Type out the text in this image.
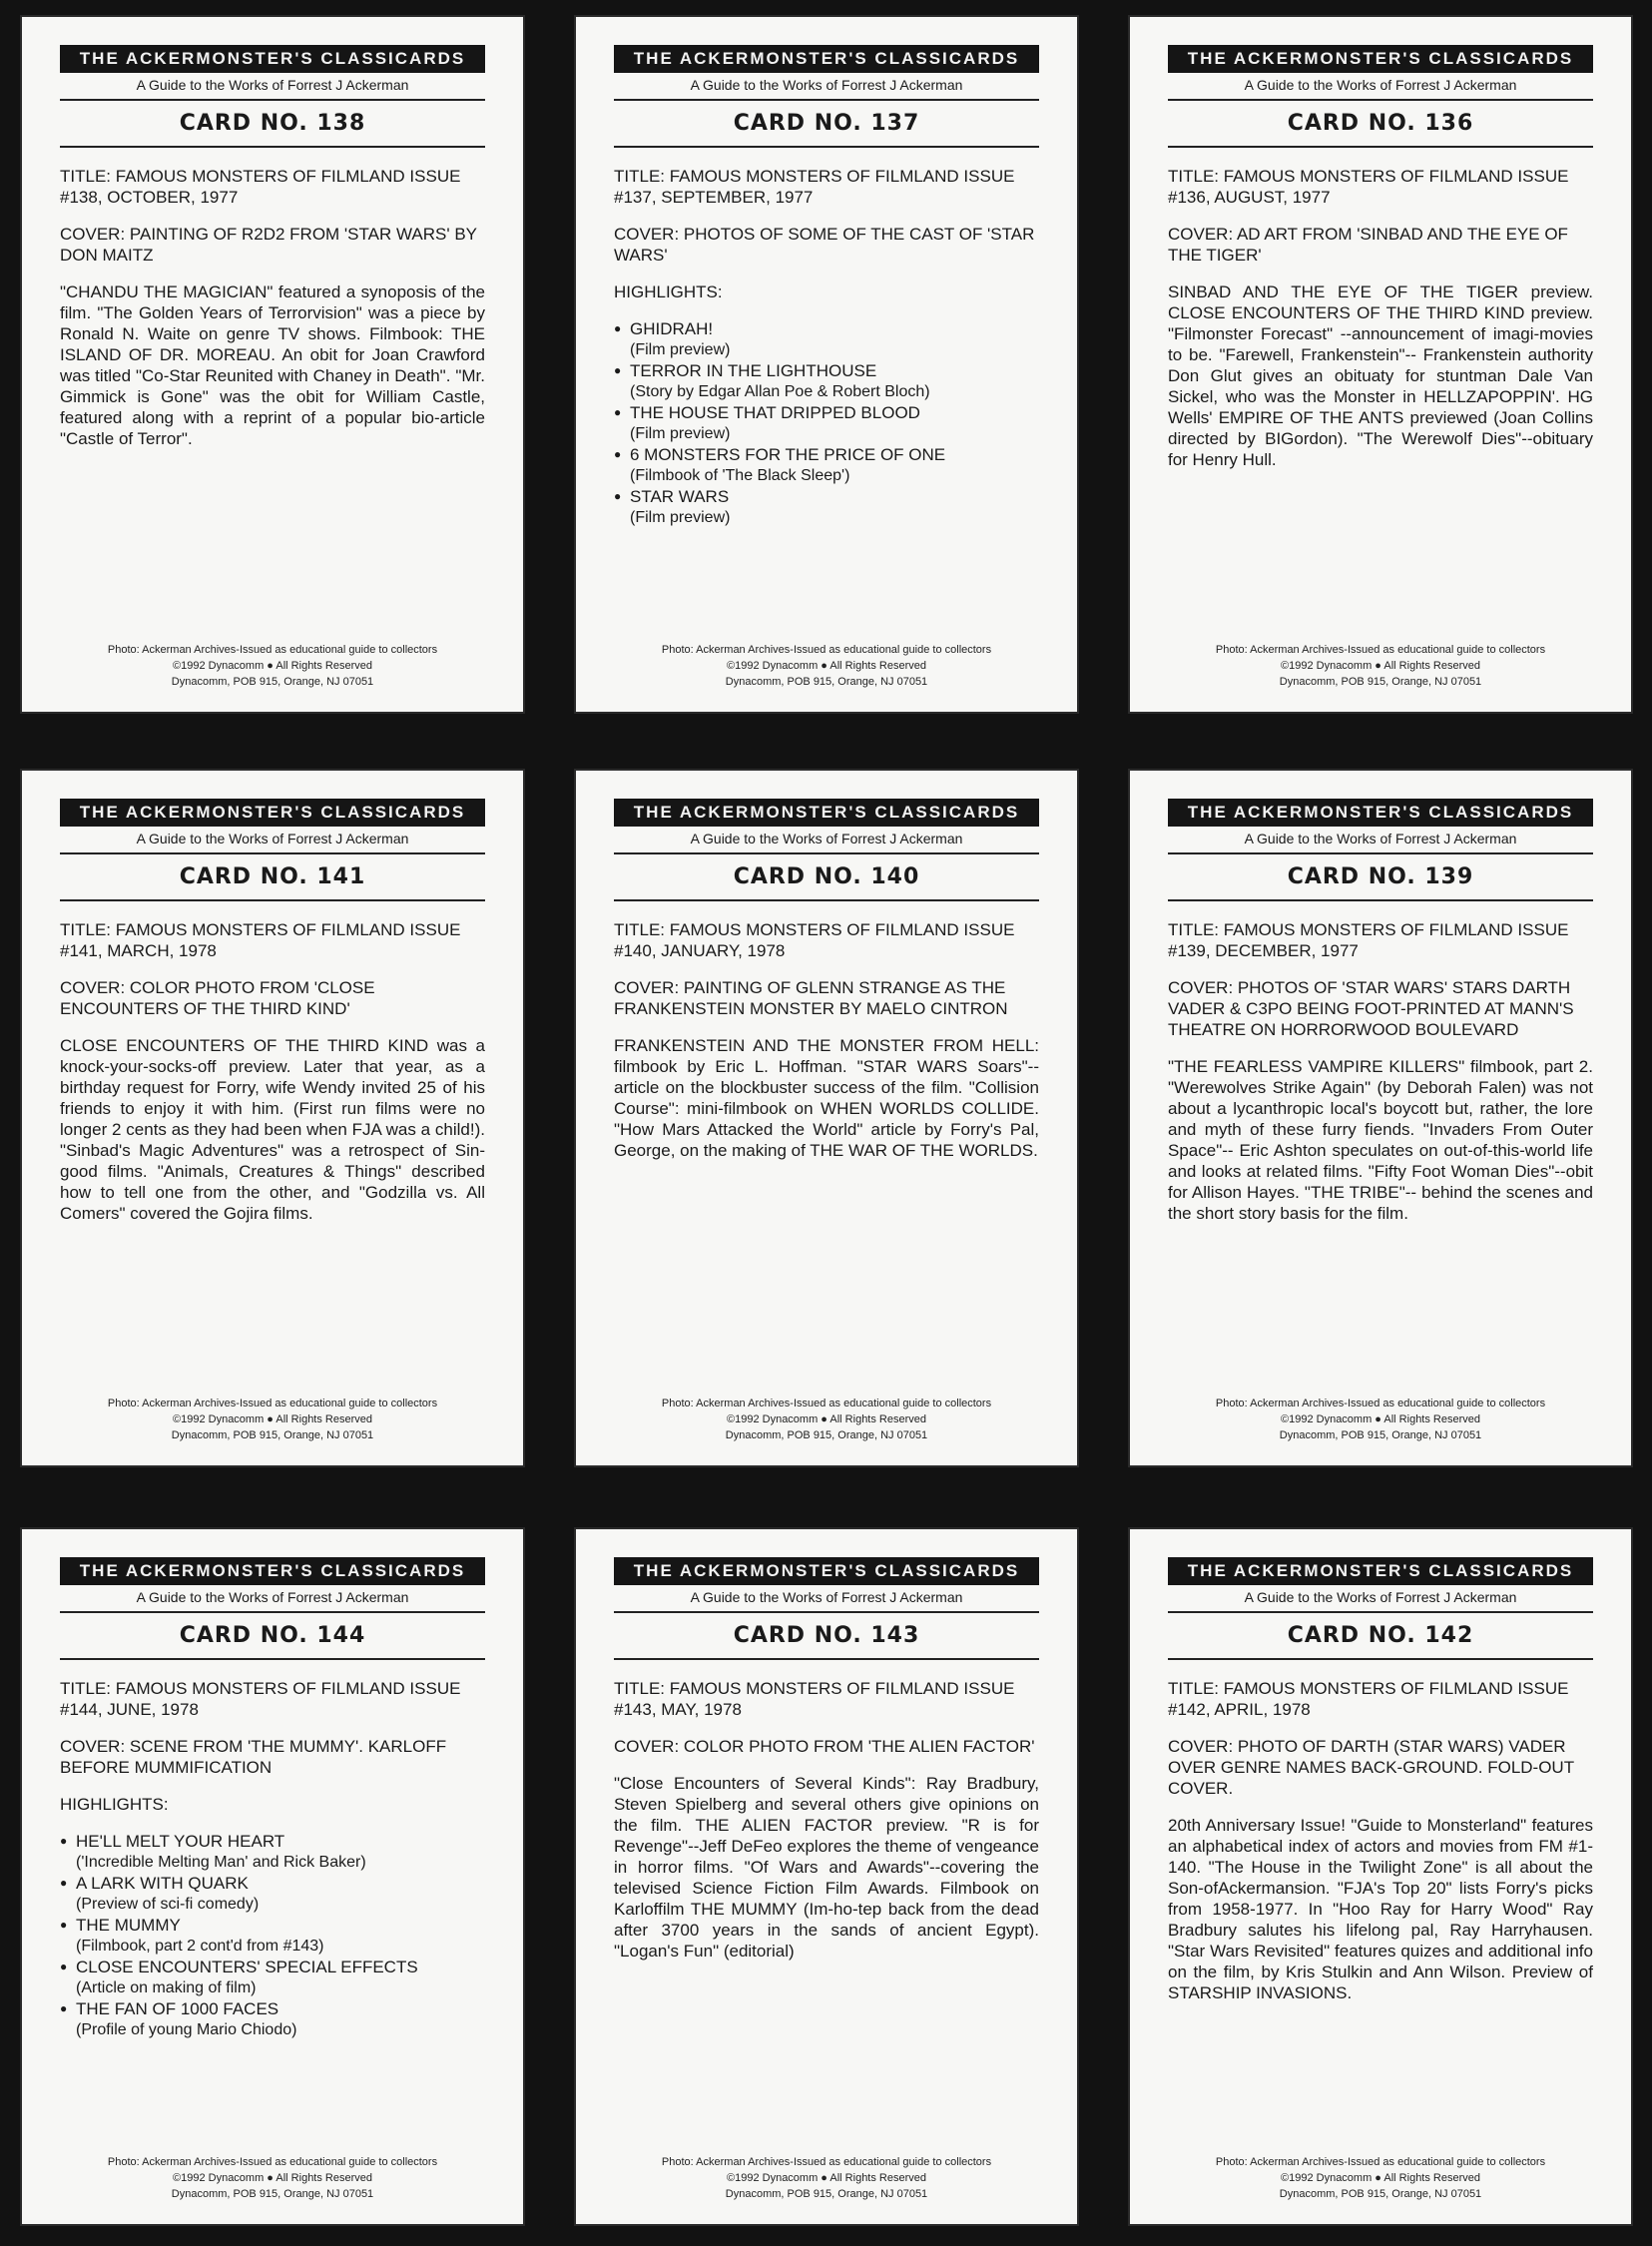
THE ACKERMONSTER'S CLASSICARDS
A Guide to the Works of Forrest J Ackerman
CARD NO. 138

TITLE: FAMOUS MONSTERS OF FILMLAND ISSUE #138, OCTOBER, 1977

COVER: PAINTING OF R2D2 FROM 'STAR WARS' BY DON MAITZ

"CHANDU THE MAGICIAN" featured a synoposis of the film. "The Golden Years of Terrorvision" was a piece by Ronald N. Waite on genre TV shows. Filmbook: THE ISLAND OF DR. MOREAU. An obit for Joan Crawford was titled "Co-Star Reunited with Chaney in Death". "Mr. Gimmick is Gone" was the obit for William Castle, featured along with a reprint of a popular bio-article "Castle of Terror".

Photo: Ackerman Archives-Issued as educational guide to collectors
©1992 Dynacomm ● All Rights Reserved
Dynacomm, POB 915, Orange, NJ 07051
THE ACKERMONSTER'S CLASSICARDS
A Guide to the Works of Forrest J Ackerman
CARD NO. 137

TITLE: FAMOUS MONSTERS OF FILMLAND ISSUE #137, SEPTEMBER, 1977

COVER: PHOTOS OF SOME OF THE CAST OF 'STAR WARS'

HIGHLIGHTS:

● GHIDRAH!
(Film preview)
● TERROR IN THE LIGHTHOUSE
(Story by Edgar Allan Poe & Robert Bloch)
● THE HOUSE THAT DRIPPED BLOOD
(Film preview)
● 6 MONSTERS FOR THE PRICE OF ONE
(Filmbook of 'The Black Sleep')
● STAR WARS
(Film preview)
Photo: Ackerman Archives-Issued as educational guide to collectors
©1992 Dynacomm ● All Rights Reserved
Dynacomm, POB 915, Orange, NJ 07051
THE ACKERMONSTER'S CLASSICARDS
A Guide to the Works of Forrest J Ackerman
CARD NO. 136

TITLE: FAMOUS MONSTERS OF FILMLAND ISSUE #136, AUGUST, 1977

COVER: AD ART FROM 'SINBAD AND THE EYE OF THE TIGER'

SINBAD AND THE EYE OF THE TIGER preview. CLOSE ENCOUNTERS OF THE THIRD KIND preview. "Filmonster Forecast" --announcement of imagi-movies to be. "Farewell, Frankenstein"-- Frankenstein authority Don Glut gives an obituaty for stuntman Dale Van Sickel, who was the Monster in HELLZAPOPPIN'. HG Wells' EMPIRE OF THE ANTS previewed (Joan Collins directed by BIGordon). "The Werewolf Dies"--obituary for Henry Hull.

Photo: Ackerman Archives-Issued as educational guide to collectors
©1992 Dynacomm ● All Rights Reserved
Dynacomm, POB 915, Orange, NJ 07051
THE ACKERMONSTER'S CLASSICARDS
A Guide to the Works of Forrest J Ackerman
CARD NO. 141

TITLE: FAMOUS MONSTERS OF FILMLAND ISSUE #141, MARCH, 1978

COVER: COLOR PHOTO FROM 'CLOSE ENCOUNTERS OF THE THIRD KIND'

CLOSE ENCOUNTERS OF THE THIRD KIND was a knock-your-socks-off preview. Later that year, as a birthday request for Forry, wife Wendy invited 25 of his friends to enjoy it with him. (First run films were no longer 2 cents as they had been when FJA was a child!). "Sinbad's Magic Adventures" was a retrospect of Sin-good films. "Animals, Creatures & Things" described how to tell one from the other, and "Godzilla vs. All Comers" covered the Gojira films.

Photo: Ackerman Archives-Issued as educational guide to collectors
©1992 Dynacomm ● All Rights Reserved
Dynacomm, POB 915, Orange, NJ 07051
THE ACKERMONSTER'S CLASSICARDS
A Guide to the Works of Forrest J Ackerman
CARD NO. 140

TITLE: FAMOUS MONSTERS OF FILMLAND ISSUE #140, JANUARY, 1978

COVER: PAINTING OF GLENN STRANGE AS THE FRANKENSTEIN MONSTER BY MAELO CINTRON

FRANKENSTEIN AND THE MONSTER FROM HELL: filmbook by Eric L. Hoffman. "STAR WARS Soars"-- article on the blockbuster success of the film. "Collision Course": mini-filmbook on WHEN WORLDS COLLIDE. "How Mars Attacked the World" article by Forry's Pal, George, on the making of THE WAR OF THE WORLDS.

Photo: Ackerman Archives-Issued as educational guide to collectors
©1992 Dynacomm ● All Rights Reserved
Dynacomm, POB 915, Orange, NJ 07051
THE ACKERMONSTER'S CLASSICARDS
A Guide to the Works of Forrest J Ackerman
CARD NO. 139

TITLE: FAMOUS MONSTERS OF FILMLAND ISSUE #139, DECEMBER, 1977

COVER: PHOTOS OF 'STAR WARS' STARS DARTH VADER & C3PO BEING FOOT-PRINTED AT MANN'S THEATRE ON HORRORWOOD BOULEVARD

"THE FEARLESS VAMPIRE KILLERS" filmbook, part 2. "Werewolves Strike Again" (by Deborah Falen) was not about a lycanthropic local's boycott but, rather, the lore and myth of these furry fiends. "Invaders From Outer Space"-- Eric Ashton speculates on out-of-this-world life and looks at related films. "Fifty Foot Woman Dies"--obit for Allison Hayes. "THE TRIBE"-- behind the scenes and the short story basis for the film.

Photo: Ackerman Archives-Issued as educational guide to collectors
©1992 Dynacomm ● All Rights Reserved
Dynacomm, POB 915, Orange, NJ 07051
THE ACKERMONSTER'S CLASSICARDS
A Guide to the Works of Forrest J Ackerman
CARD NO. 144

TITLE: FAMOUS MONSTERS OF FILMLAND ISSUE #144, JUNE, 1978

COVER: SCENE FROM 'THE MUMMY'. KARLOFF BEFORE MUMMIFICATION

HIGHLIGHTS:

● HE'LL MELT YOUR HEART
('Incredible Melting Man' and Rick Baker)
● A LARK WITH QUARK
(Preview of sci-fi comedy)
● THE MUMMY
(Filmbook, part 2 cont'd from #143)
● CLOSE ENCOUNTERS' SPECIAL EFFECTS
(Article on making of film)
● THE FAN OF 1000 FACES
(Profile of young Mario Chiodo)
Photo: Ackerman Archives-Issued as educational guide to collectors
©1992 Dynacomm ● All Rights Reserved
Dynacomm, POB 915, Orange, NJ 07051
THE ACKERMONSTER'S CLASSICARDS
A Guide to the Works of Forrest J Ackerman
CARD NO. 143

TITLE: FAMOUS MONSTERS OF FILMLAND ISSUE #143, MAY, 1978

COVER: COLOR PHOTO FROM 'THE ALIEN FACTOR'

"Close Encounters of Several Kinds": Ray Bradbury, Steven Spielberg and several others give opinions on the film. THE ALIEN FACTOR preview. "R is for Revenge"--Jeff DeFeo explores the theme of vengeance in horror films. "Of Wars and Awards"--covering the televised Science Fiction Film Awards. Filmbook on Karloffilm THE MUMMY (Im-ho-tep back from the dead after 3700 years in the sands of ancient Egypt). "Logan's Fun" (editorial)

Photo: Ackerman Archives-Issued as educational guide to collectors
©1992 Dynacomm ● All Rights Reserved
Dynacomm, POB 915, Orange, NJ 07051
THE ACKERMONSTER'S CLASSICARDS
A Guide to the Works of Forrest J Ackerman
CARD NO. 142

TITLE: FAMOUS MONSTERS OF FILMLAND ISSUE #142, APRIL, 1978

COVER: PHOTO OF DARTH (STAR WARS) VADER OVER GENRE NAMES BACK-GROUND. FOLD-OUT COVER.

20th Anniversary Issue! "Guide to Monsterland" features an alphabetical index of actors and movies from FM #1-140. "The House in the Twilight Zone" is all about the Son-ofAckermansion. "FJA's Top 20" lists Forry's picks from 1958-1977. In "Hoo Ray for Harry Wood" Ray Bradbury salutes his lifelong pal, Ray Harryhausen. "Star Wars Revisited" features quizes and additional info on the film, by Kris Stulkin and Ann Wilson. Preview of STARSHIP INVASIONS.

Photo: Ackerman Archives-Issued as educational guide to collectors
©1992 Dynacomm ● All Rights Reserved
Dynacomm, POB 915, Orange, NJ 07051
